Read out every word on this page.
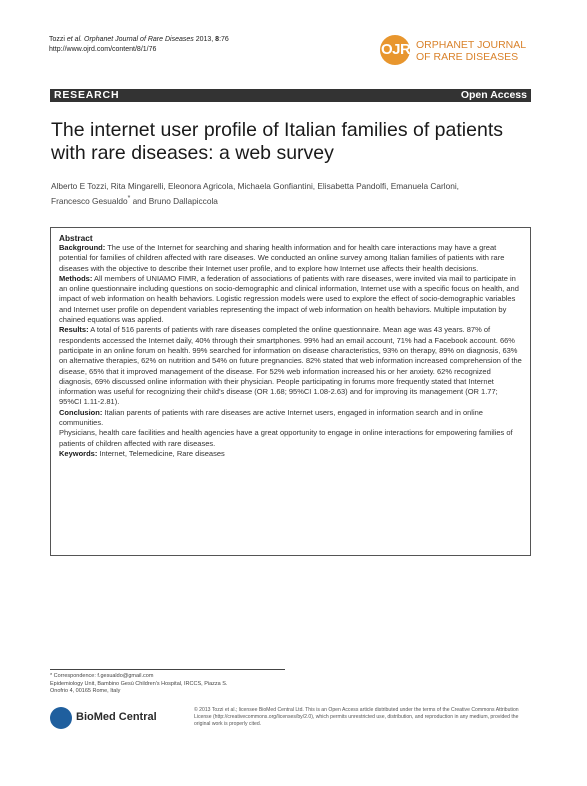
Tozzi et al. Orphanet Journal of Rare Diseases 2013, 8:76
http://www.ojrd.com/content/8/1/76	OJRD
ORPHANET JOURNAL
OF RARE DISEASES
RESEARCH	Open Access
The internet user profile of Italian families of patients with rare diseases: a web survey
Alberto E Tozzi, Rita Mingarelli, Eleonora Agricola, Michaela Gonfiantini, Elisabetta Pandolfi, Emanuela Carloni,
Francesco Gesualdo* and Bruno Dallapiccola

Abstract

Background: The use of the Internet for searching and sharing health information and for health care interactions may have a great potential for families of children affected with rare diseases. We conducted an online survey among Italian families of patients with rare diseases with the objective to describe their Internet user profile, and to explore how Internet use affects their health decisions.

Methods: All members of UNIAMO FIMR, a federation of associations of patients with rare diseases, were invited via mail to participate in an online questionnaire including questions on socio-demographic and clinical information, Internet use with a specific focus on health, and impact of web information on health behaviors. Logistic regression models were used to explore the effect of socio-demographic variables and Internet user profile on dependent variables representing the impact of web information on health behaviors. Multiple imputation by chained equations was applied.

Results: A total of 516 parents of patients with rare diseases completed the online questionnaire. Mean age was 43 years. 87% of respondents accessed the Internet daily, 40% through their smartphones. 99% had an email account, 71% had a Facebook account. 66% participate in an online forum on health. 99% searched for information on disease characteristics, 93% on therapy, 89% on diagnosis, 63% on alternative therapies, 62% on nutrition and 54% on future pregnancies. 82% stated that web information increased comprehension of the disease, 65% that it improved management of the disease. For 52% web information increased his or her anxiety. 62% recognized diagnosis, 69% discussed online information with their physician. People participating in forums more frequently stated that Internet information was useful for recognizing their child's disease (OR 1.68; 95%CI 1.08-2.63) and for improving its management (OR 1.77; 95%CI 1.11-2.81).

Conclusion: Italian parents of patients with rare diseases are active Internet users, engaged in information search and in online communities.

Physicians, health care facilities and health agencies have a great opportunity to engage in online interactions for empowering families of patients of children affected with rare diseases.

Keywords: Internet, Telemedicine, Rare diseases

* Correspondence: f.gesualdo@gmail.com
Epidemiology Unit, Bambino Gesù Children's Hospital, IRCCS, Piazza S.
Onofrio 4, 00165 Rome, Italy
BioMed Central
© 2013 Tozzi et al.; licensee BioMed Central Ltd. This is an Open Access article distributed under the terms of the Creative Commons Attribution License (http://creativecommons.org/licenses/by/2.0), which permits unrestricted use, distribution, and reproduction in any medium, provided the original work is properly cited.
